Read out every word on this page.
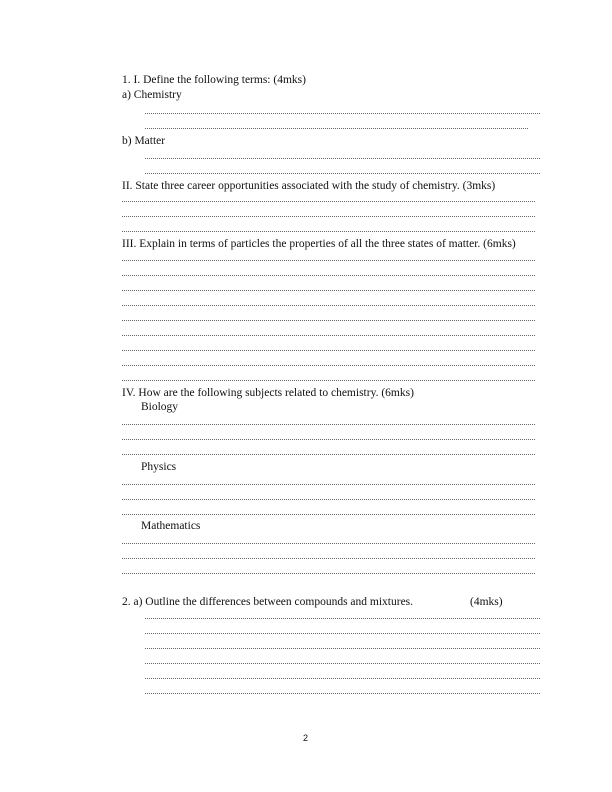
1. I. Define the following terms: (4mks)
a) Chemistry
b) Matter
II. State three career opportunities associated with the study of chemistry. (3mks)
III. Explain in terms of particles the properties of all the three states of matter. (6mks)
IV. How are the following subjects related to chemistry. (6mks)
Biology
Physics
Mathematics
2. a) Outline the differences between compounds and mixtures.	(4mks)
2
